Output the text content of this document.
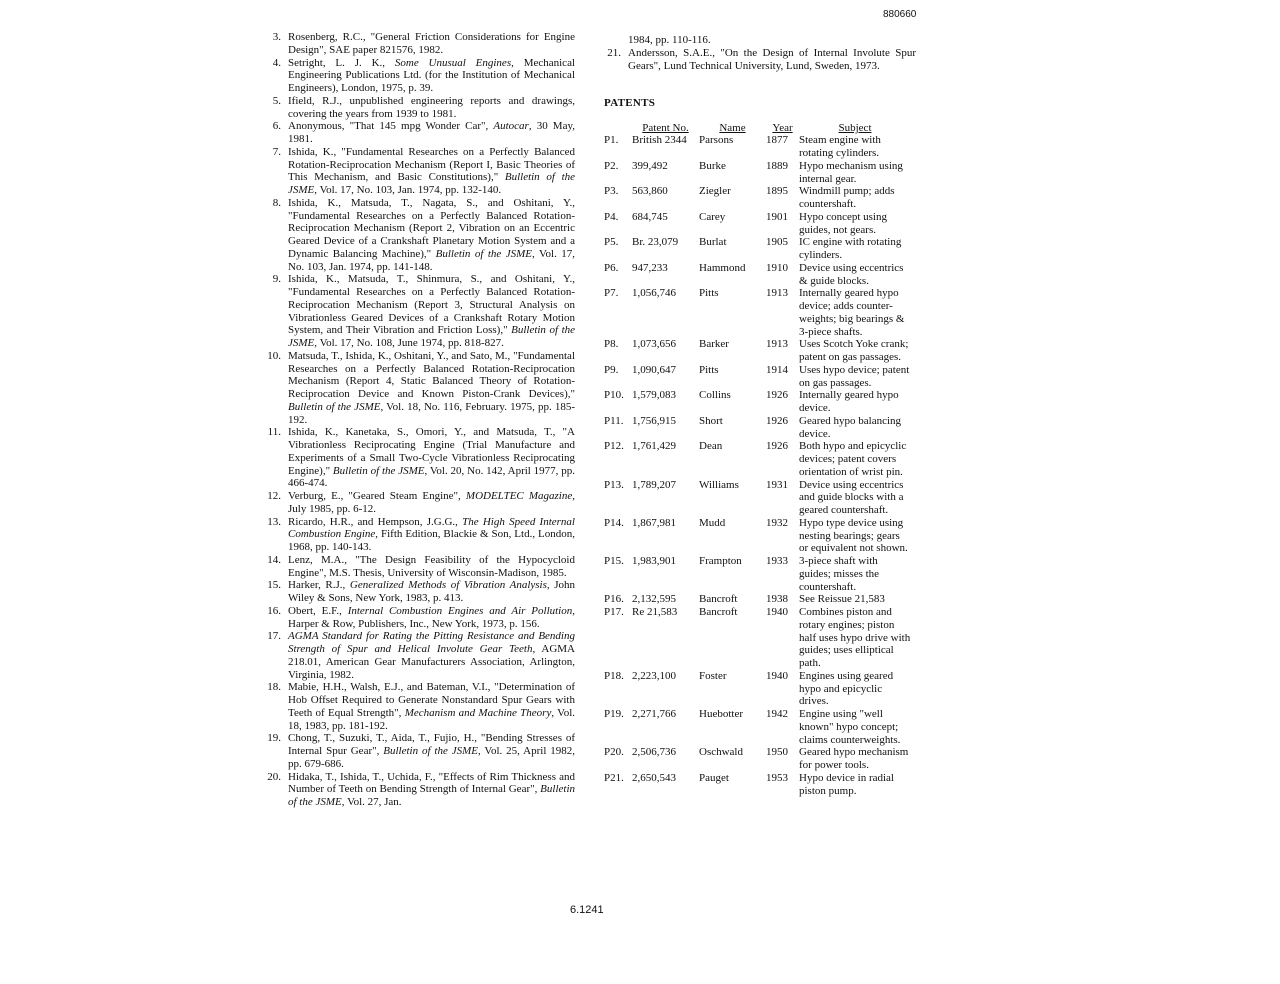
880660
3. Rosenberg, R.C., "General Friction Considerations for Engine Design", SAE paper 821576, 1982.
4. Setright, L. J. K., Some Unusual Engines, Mechanical Engineering Publications Ltd. (for the Institution of Mechanical Engineers), London, 1975, p. 39.
5. Ifield, R.J., unpublished engineering reports and drawings, covering the years from 1939 to 1981.
6. Anonymous, "That 145 mpg Wonder Car", Autocar, 30 May, 1981.
7. Ishida, K., "Fundamental Researches on a Perfectly Balanced Rotation-Reciprocation Mechanism (Report I, Basic Theories of This Mechanism, and Basic Constitutions)," Bulletin of the JSME, Vol. 17, No. 103, Jan. 1974, pp. 132-140.
8. Ishida, K., Matsuda, T., Nagata, S., and Oshitani, Y., "Fundamental Researches on a Perfectly Balanced Rotation-Reciprocation Mechanism (Report 2, Vibration on an Eccentric Geared Device of a Crankshaft Planetary Motion System and a Dynamic Balancing Machine)," Bulletin of the JSME, Vol. 17, No. 103, Jan. 1974, pp. 141-148.
9. Ishida, K., Matsuda, T., Shinmura, S., and Oshitani, Y., "Fundamental Researches on a Perfectly Balanced Rotation-Reciprocation Mechanism (Report 3, Structural Analysis on Vibrationless Geared Devices of a Crankshaft Rotary Motion System, and Their Vibration and Friction Loss)," Bulletin of the JSME, Vol. 17, No. 108, June 1974, pp. 818-827.
10. Matsuda, T., Ishida, K., Oshitani, Y., and Sato, M., "Fundamental Researches on a Perfectly Balanced Rotation-Reciprocation Mechanism (Report 4, Static Balanced Theory of Rotation-Reciprocation Device and Known Piston-Crank Devices)," Bulletin of the JSME, Vol. 18, No. 116, February. 1975, pp. 185-192.
11. Ishida, K., Kanetaka, S., Omori, Y., and Matsuda, T., "A Vibrationless Reciprocating Engine (Trial Manufacture and Experiments of a Small Two-Cycle Vibrationless Reciprocating Engine)," Bulletin of the JSME, Vol. 20, No. 142, April 1977, pp. 466-474.
12. Verburg, E., "Geared Steam Engine", MODELTEC Magazine, July 1985, pp. 6-12.
13. Ricardo, H.R., and Hempson, J.G.G., The High Speed Internal Combustion Engine, Fifth Edition, Blackie & Son, Ltd., London, 1968, pp. 140-143.
14. Lenz, M.A., "The Design Feasibility of the Hypocycloid Engine", M.S. Thesis, University of Wisconsin-Madison, 1985.
15. Harker, R.J., Generalized Methods of Vibration Analysis, John Wiley & Sons, New York, 1983, p. 413.
16. Obert, E.F., Internal Combustion Engines and Air Pollution, Harper & Row, Publishers, Inc., New York, 1973, p. 156.
17. AGMA Standard for Rating the Pitting Resistance and Bending Strength of Spur and Helical Involute Gear Teeth, AGMA 218.01, American Gear Manufacturers Association, Arlington, Virginia, 1982.
18. Mabie, H.H., Walsh, E.J., and Bateman, V.I., "Determination of Hob Offset Required to Generate Nonstandard Spur Gears with Teeth of Equal Strength", Mechanism and Machine Theory, Vol. 18, 1983, pp. 181-192.
19. Chong, T., Suzuki, T., Aida, T., Fujio, H., "Bending Stresses of Internal Spur Gear", Bulletin of the JSME, Vol. 25, April 1982, pp. 679-686.
20. Hidaka, T., Ishida, T., Uchida, F., "Effects of Rim Thickness and Number of Teeth on Bending Strength of Internal Gear", Bulletin of the JSME, Vol. 27, Jan.
1984, pp. 110-116.
21. Andersson, S.A.E., "On the Design of Internal Involute Spur Gears", Lund Technical University, Lund, Sweden, 1973.
PATENTS
	Patent No.	Name	Year	Subject
P1.	British 2344	Parsons	1877	Steam engine with rotating cylinders.
P2.	399,492	Burke	1889	Hypo mechanism using internal gear.
P3.	563,860	Ziegler	1895	Windmill pump; adds countershaft.
P4.	684,745	Carey	1901	Hypo concept using guides, not gears.
P5.	Br. 23,079	Burlat	1905	IC engine with rotating cylinders.
P6.	947,233	Hammond	1910	Device using eccentrics & guide blocks.
P7.	1,056,746	Pitts	1913	Internally geared hypo device; adds counter-weights; big bearings & 3-piece shafts.
P8.	1,073,656	Barker	1913	Uses Scotch Yoke crank; patent on gas passages.
P9.	1,090,647	Pitts	1914	Uses hypo device; patent on gas passages.
P10.	1,579,083	Collins	1926	Internally geared hypo device.
P11.	1,756,915	Short	1926	Geared hypo balancing device.
P12.	1,761,429	Dean	1926	Both hypo and epicyclic devices; patent covers orientation of wrist pin.
P13.	1,789,207	Williams	1931	Device using eccentrics and guide blocks with a geared countershaft.
P14.	1,867,981	Mudd	1932	Hypo type device using nesting bearings; gears or equivalent not shown.
P15.	1,983,901	Frampton	1933	3-piece shaft with guides; misses the countershaft.
P16.	2,132,595	Bancroft	1938	See Reissue 21,583
P17.	Re 21,583	Bancroft	1940	Combines piston and rotary engines; piston half uses hypo drive with guides; uses elliptical path.
P18.	2,223,100	Foster	1940	Engines using geared hypo and epicyclic drives.
P19.	2,271,766	Huebotter	1942	Engine using "well known" hypo concept; claims counterweights.
P20.	2,506,736	Oschwald	1950	Geared hypo mechanism for power tools.
P21.	2,650,543	Pauget	1953	Hypo device in radial piston pump.
6.1241
